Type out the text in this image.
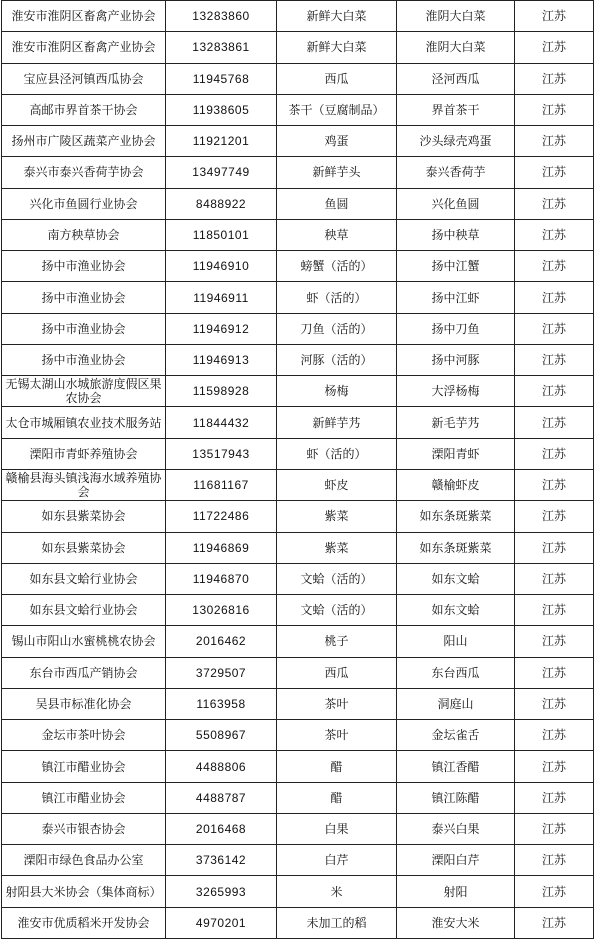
淮安市淮阴区畜禽产业协会	13283860	新鲜大白菜	淮阴大白菜	江苏
淮安市淮阴区畜禽产业协会	13283861	新鲜大白菜	淮阴大白菜	江苏
宝应县泾河镇西瓜协会	11945768	西瓜	泾河西瓜	江苏
高邮市界首茶干协会	11938605	茶干（豆腐制品）	界首茶干	江苏
扬州市广陵区蔬菜产业协会	11921201	鸡蛋	沙头绿壳鸡蛋	江苏
泰兴市泰兴香荷芋协会	13497749	新鲜芋头	泰兴香荷芋	江苏
兴化市鱼圆行业协会	8488922	鱼圆	兴化鱼圆	江苏
南方秧草协会	11850101	秧草	扬中秧草	江苏
扬中市渔业协会	11946910	螃蟹（活的）	扬中江蟹	江苏
扬中市渔业协会	11946911	虾（活的）	扬中江虾	江苏
扬中市渔业协会	11946912	刀鱼（活的）	扬中刀鱼	江苏
扬中市渔业协会	11946913	河豚（活的）	扬中河豚	江苏
无锡太湖山水城旅游度假区果农协会	11598928	杨梅	大浮杨梅	江苏
太仓市城厢镇农业技术服务站	11844432	新鲜芋艿	新毛芋艿	江苏
溧阳市青虾养殖协会	13517943	虾（活的）	溧阳青虾	江苏
赣榆县海头镇浅海水域养殖协会	11681167	虾皮	赣榆虾皮	江苏
如东县紫菜协会	11722486	紫菜	如东条斑紫菜	江苏
如东县紫菜协会	11946869	紫菜	如东条斑紫菜	江苏
如东县文蛤行业协会	11946870	文蛤（活的）	如东文蛤	江苏
如东县文蛤行业协会	13026816	文蛤（活的）	如东文蛤	江苏
锡山市阳山水蜜桃桃农协会	2016462	桃子	阳山	江苏
东台市西瓜产销协会	3729507	西瓜	东台西瓜	江苏
吴县市标准化协会	1163958	茶叶	洞庭山	江苏
金坛市茶叶协会	5508967	茶叶	金坛雀舌	江苏
镇江市醋业协会	4488806	醋	镇江香醋	江苏
镇江市醋业协会	4488787	醋	镇江陈醋	江苏
泰兴市银杏协会	2016468	白果	泰兴白果	江苏
溧阳市绿色食品办公室	3736142	白芹	溧阳白芹	江苏
射阳县大米协会（集体商标）	3265993	米	射阳	江苏
淮安市优质稻米开发协会	4970201	未加工的稻	淮安大米	江苏
